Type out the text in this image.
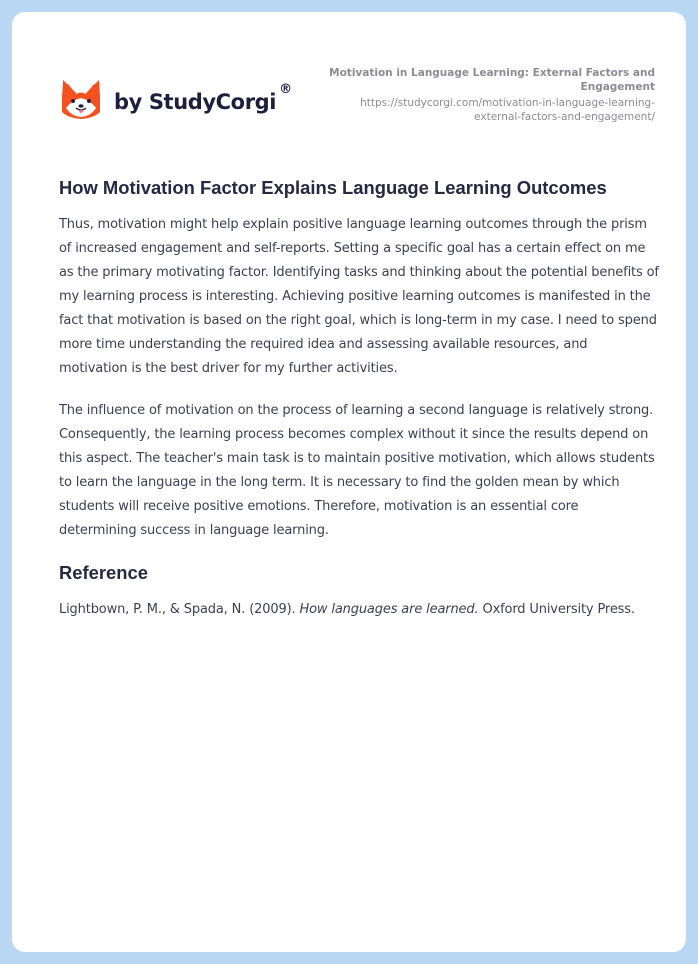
by StudyCorgi
®
Motivation in Language Learning: External Factors and Engagement
https://studycorgi.com/motivation-in-language-learning-external-factors-and-engagement/
How Motivation Factor Explains Language Learning Outcomes

Thus, motivation might help explain positive language learning outcomes through the prism of increased engagement and self-reports. Setting a specific goal has a certain effect on me as the primary motivating factor. Identifying tasks and thinking about the potential benefits of my learning process is interesting. Achieving positive learning outcomes is manifested in the fact that motivation is based on the right goal, which is long-term in my case. I need to spend more time understanding the required idea and assessing available resources, and motivation is the best driver for my further activities.

The influence of motivation on the process of learning a second language is relatively strong. Consequently, the learning process becomes complex without it since the results depend on this aspect. The teacher's main task is to maintain positive motivation, which allows students to learn the language in the long term. It is necessary to find the golden mean by which students will receive positive emotions. Therefore, motivation is an essential core determining success in language learning.

Reference

Lightbown, P. M., & Spada, N. (2009). How languages are learned. Oxford University Press.
